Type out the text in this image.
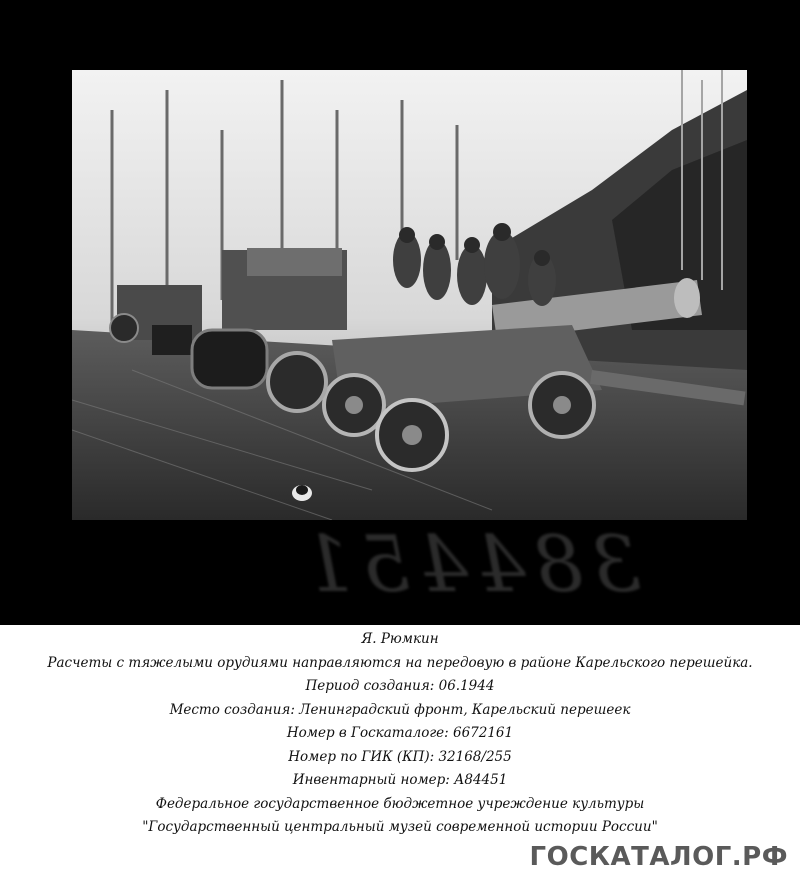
384451
Я. Рюмкин
Расчеты с тяжелыми орудиями направляются на передовую в районе Карельского перешейка.
Период создания: 06.1944
Место создания: Ленинградский фронт, Карельский перешеек
Номер в Госкаталоге: 6672161
Номер по ГИК (КП): 32168/255
Инвентарный номер: А84451
Федеральное государственное бюджетное учреждение культуры
"Государственный центральный музей современной истории России"
ГОСКАТАЛОГ.РФ
